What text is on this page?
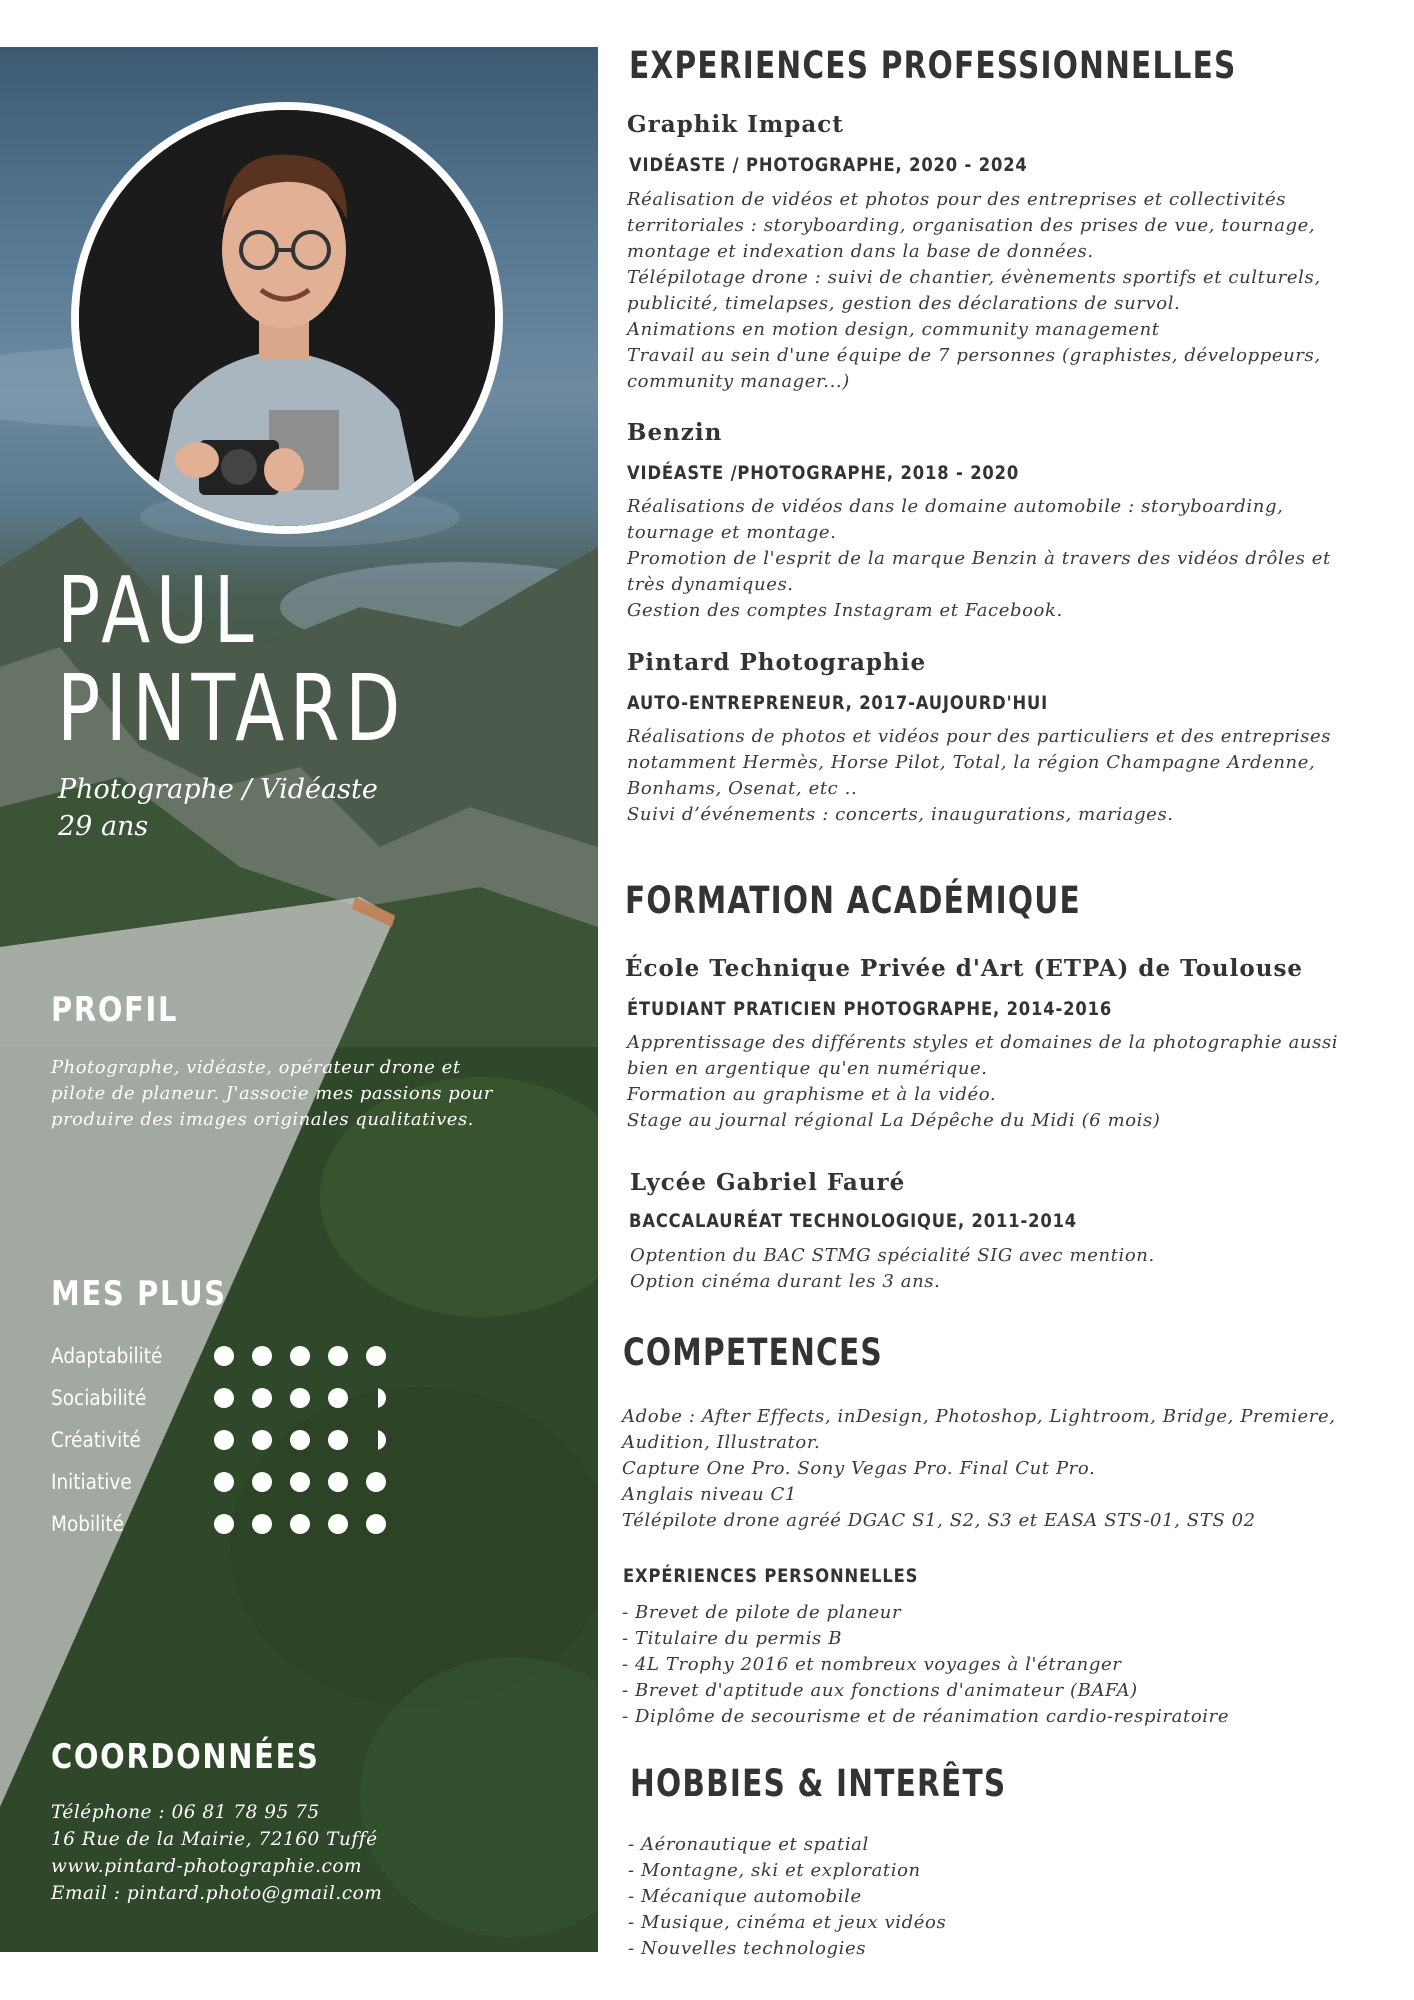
PAUL
PINTARD
Photographe / Vidéaste
29 ans
PROFIL
Photographe, vidéaste, opérateur drone et
pilote de planeur. J'associe mes passions pour
produire des images originales qualitatives.
MES PLUS
Adaptabilité
Sociabilité
Créativité
Initiative
Mobilité
COORDONNÉES
Téléphone : 06 81 78 95 75
16 Rue de la Mairie, 72160 Tuffé
www.pintard-photographie.com
Email : pintard.photo@gmail.com
EXPERIENCES PROFESSIONNELLES
Graphik Impact
VIDÉASTE / PHOTOGRAPHE, 2020 - 2024
Réalisation de vidéos et photos pour des entreprises et collectivités
territoriales : storyboarding, organisation des prises de vue, tournage,
montage et indexation dans la base de données.
Télépilotage drone : suivi de chantier, évènements sportifs et culturels,
publicité, timelapses, gestion des déclarations de survol.
Animations en motion design, community management
Travail au sein d'une équipe de 7 personnes (graphistes, développeurs,
community manager...)
Benzin
VIDÉASTE /PHOTOGRAPHE, 2018 - 2020
Réalisations de vidéos dans le domaine automobile : storyboarding,
tournage et montage.
Promotion de l'esprit de la marque Benzin à travers des vidéos drôles et
très dynamiques.
Gestion des comptes Instagram et Facebook.
Pintard Photographie
AUTO-ENTREPRENEUR, 2017-AUJOURD'HUI
Réalisations de photos et vidéos pour des particuliers et des entreprises
notamment Hermès, Horse Pilot, Total, la région Champagne Ardenne,
Bonhams, Osenat, etc ..
Suivi d’événements : concerts, inaugurations, mariages.
FORMATION ACADÉMIQUE
École Technique Privée d'Art (ETPA) de Toulouse
ÉTUDIANT PRATICIEN PHOTOGRAPHE, 2014-2016
Apprentissage des différents styles et domaines de la photographie aussi
bien en argentique qu'en numérique.
Formation au graphisme et à la vidéo.
Stage au journal régional La Dépêche du Midi (6 mois)
Lycée Gabriel Fauré
BACCALAURÉAT TECHNOLOGIQUE, 2011-2014
Optention du BAC STMG spécialité SIG avec mention.
Option cinéma durant les 3 ans.
COMPETENCES
Adobe : After Effects, inDesign, Photoshop, Lightroom, Bridge, Premiere,
Audition, Illustrator.
Capture One Pro. Sony Vegas Pro. Final Cut Pro.
Anglais niveau C1
Télépilote drone agréé DGAC S1, S2, S3 et EASA STS-01, STS 02
EXPÉRIENCES PERSONNELLES
- Brevet de pilote de planeur
- Titulaire du permis B
- 4L Trophy 2016 et nombreux voyages à l'étranger
- Brevet d'aptitude aux fonctions d'animateur (BAFA)
- Diplôme de secourisme et de réanimation cardio-respiratoire
HOBBIES & INTERÊTS
- Aéronautique et spatial
- Montagne, ski et exploration
- Mécanique automobile
- Musique, cinéma et jeux vidéos
- Nouvelles technologies
